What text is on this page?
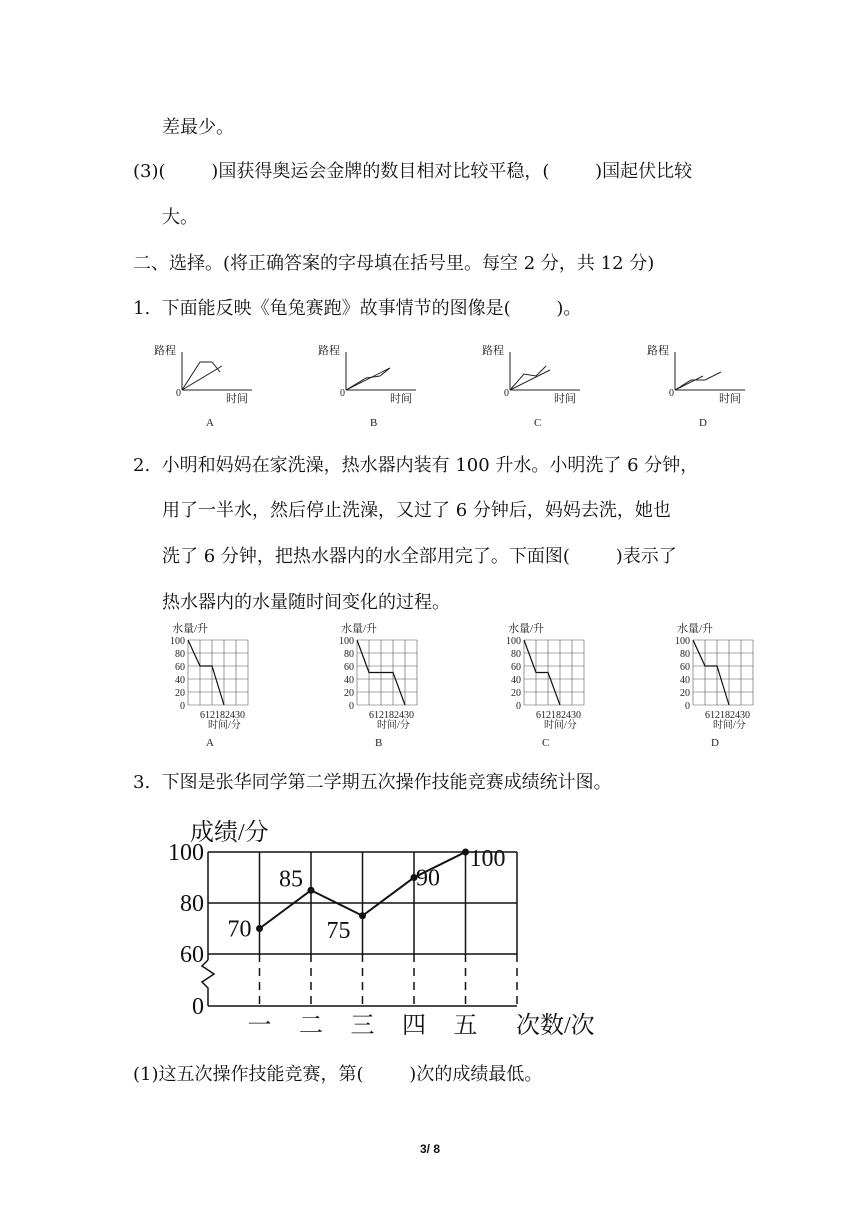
差最少。
(3)(        )国获得奥运会金牌的数目相对比较平稳，(        )国起伏比较
大。
二、选择。(将正确答案的字母填在括号里。每空 2 分，共 12 分)
1.  下面能反映《龟兔赛跑》故事情节的图像是(        )。
路程
时间
0
A
路程
时间
0
B
路程
时间
0
C
路程
时间
0
D
2.  小明和妈妈在家洗澡，热水器内装有 100 升水。小明洗了 6 分钟，
用了一半水，然后停止洗澡，又过了 6 分钟后，妈妈去洗，她也
洗了 6 分钟，把热水器内的水全部用完了。下面图(        )表示了
热水器内的水量随时间变化的过程。
水量/升
100
80
60
40
20
0
612182430
时间/分
A
水量/升
100
80
60
40
20
0
612182430
时间/分
B
水量/升
100
80
60
40
20
0
612182430
时间/分
C
水量/升
100
80
60
40
20
0
612182430
时间/分
D
3.  下图是张华同学第二学期五次操作技能竞赛成绩统计图。
成绩/分
次数/次
100
80
60
0
一 二 三 四 五
70
85
75
90
100
(1)这五次操作技能竞赛，第(        )次的成绩最低。
3/ 8
